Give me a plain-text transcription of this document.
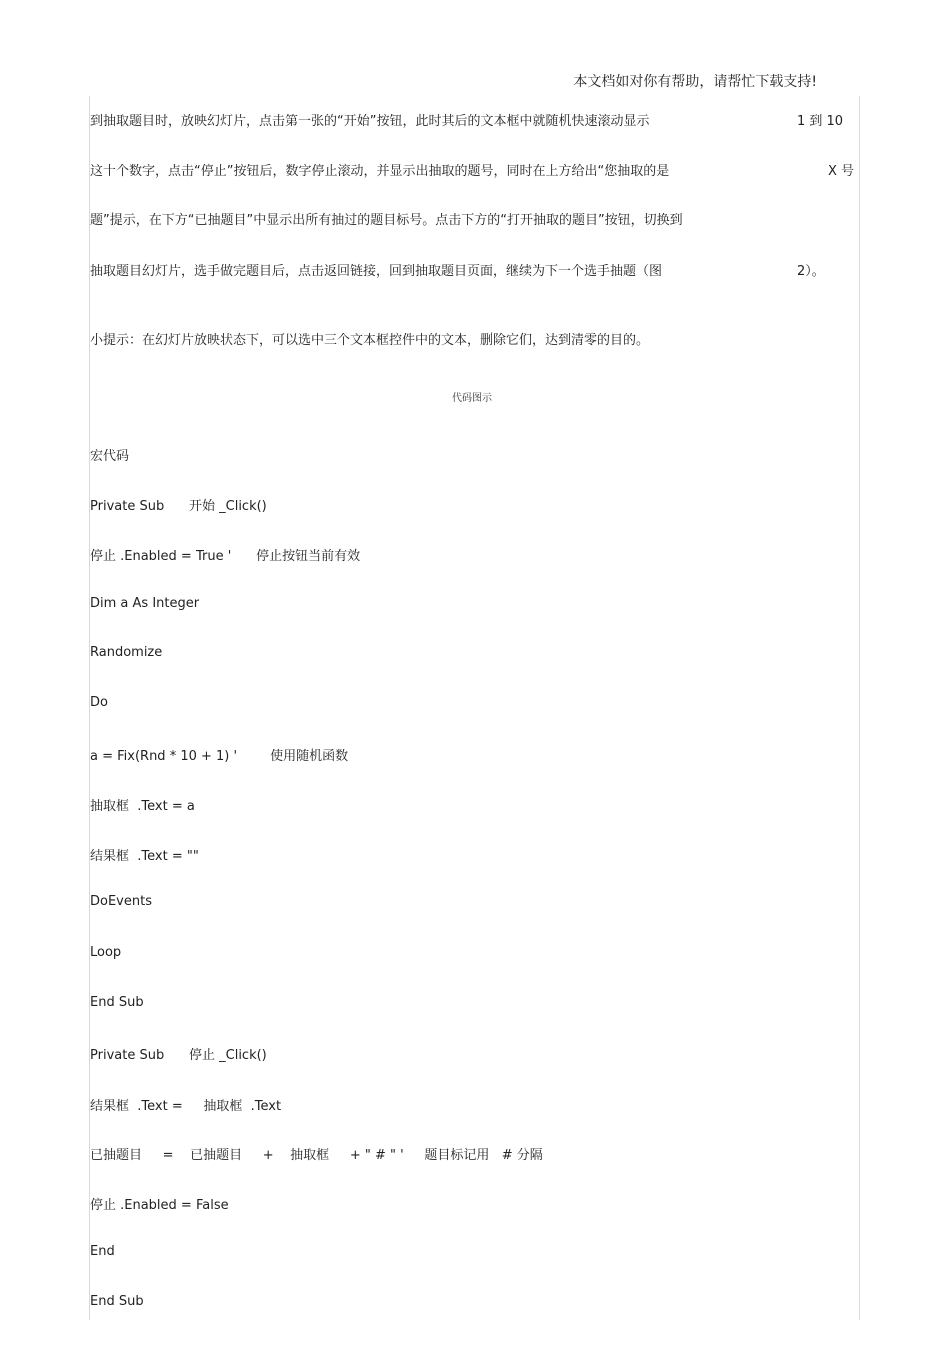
本文档如对你有帮助，请帮忙下载支持!
到抽取题目时，放映幻灯片，点击第一张的“开始”按钮，此时其后的文本框中就随机快速滚动显示	1 到 10
这十个数字，点击“停止”按钮后，数字停止滚动，并显示出抽取的题号，同时在上方给出“您抽取的是	X 号
题”提示，在下方“已抽题目”中显示出所有抽过的题目标号。点击下方的“打开抽取的题目”按钮，切换到
抽取题目幻灯片，选手做完题目后，点击返回链接，回到抽取题目页面，继续为下一个选手抽题（图	2）。
小提示：在幻灯片放映状态下，可以选中三个文本框控件中的文本，删除它们，达到清零的目的。
代码图示
宏代码
Private Sub      开始 _Click()
停止 .Enabled = True '      停止按钮当前有效
Dim a As Integer
Randomize
Do
a = Fix(Rnd * 10 + 1) '        使用随机函数
抽取框  .Text = a
结果框  .Text = ""
DoEvents
Loop
End Sub
Private Sub      停止 _Click()
结果框  .Text =     抽取框  .Text
已抽题目     =    已抽题目     +    抽取框     + " # " '     题目标记用   # 分隔
停止 .Enabled = False
End
End Sub
